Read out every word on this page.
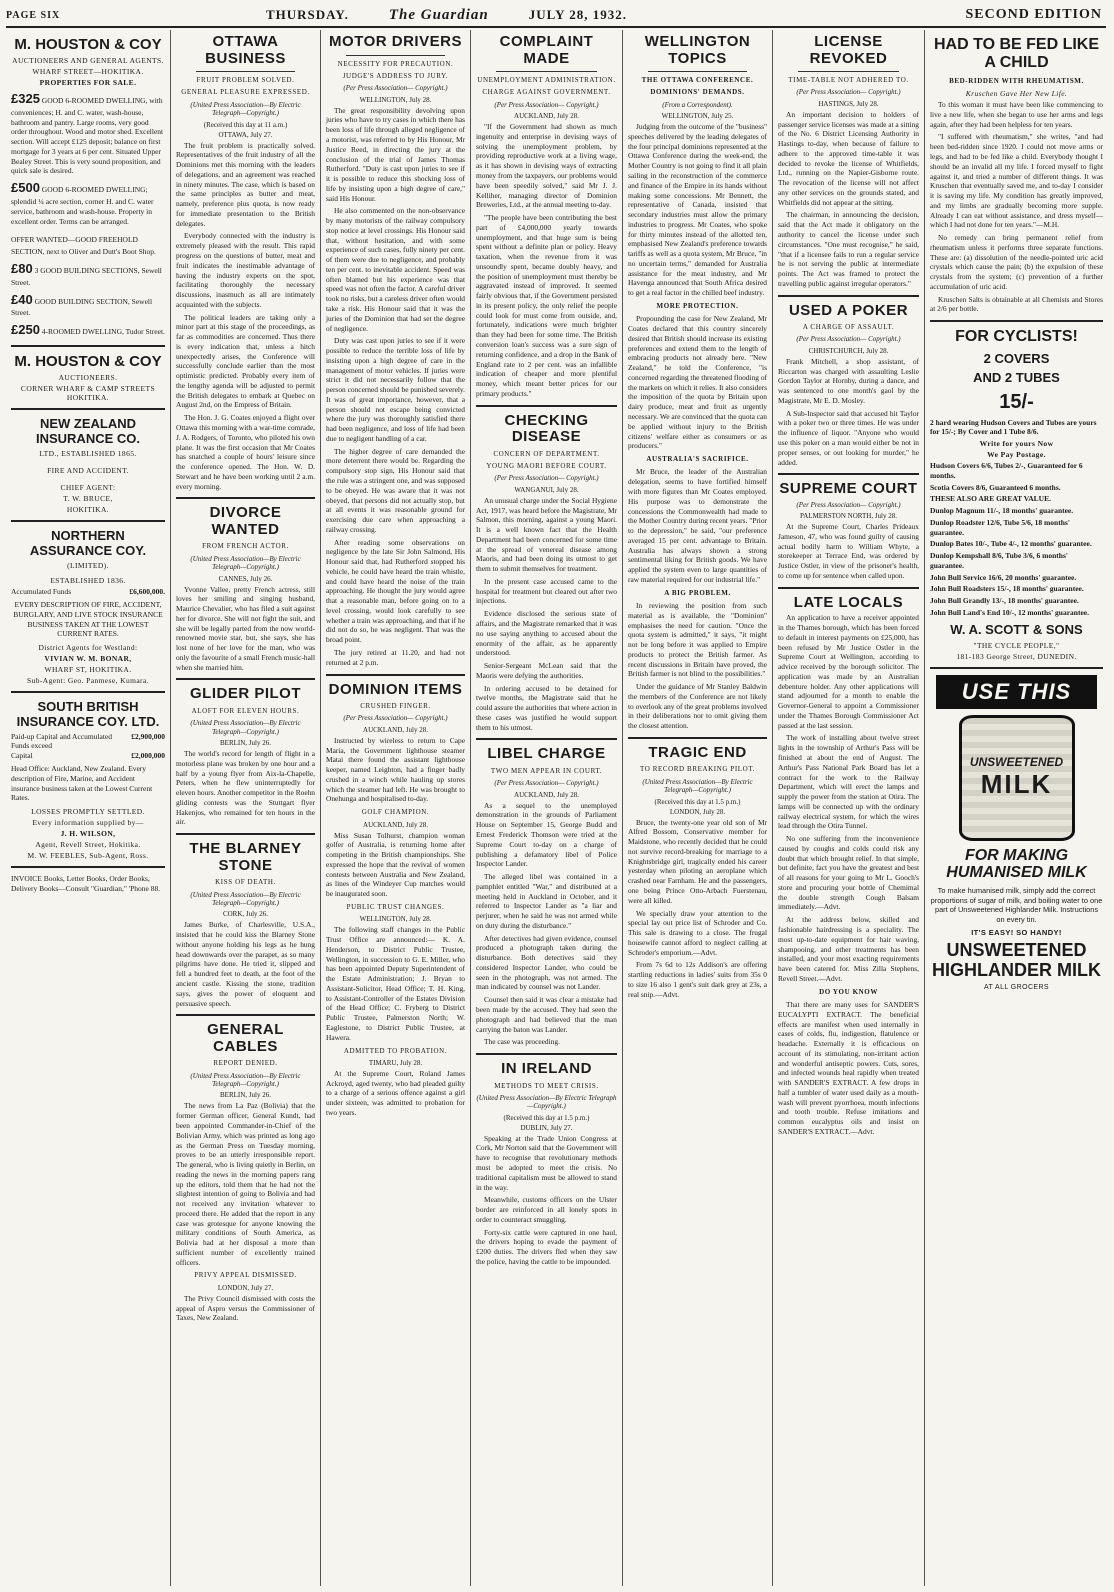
PAGE SIX	THURSDAY.	The Guardian	JULY 28, 1932.	SECOND EDITION
M. HOUSTON & COY
AUCTIONEERS AND GENERAL AGENTS.
WHARF STREET—HOKITIKA.
PROPERTIES FOR SALE.
£325 GOOD 6-ROOMED DWELLING, with conveniences; H. and C. water, wash-house, bathroom and pantry. Large rooms, very good order throughout. Wood and motor shed. Excellent section. Will accept £125 deposit; balance on first mortgage for 3 years at 6 per cent. Situated Upper Bealey Street. This is very sound proposition, and quick sale is desired.
£500 GOOD 6-ROOMED DWELLING; splendid ¼ acre section, corner H. and C. water service, bathroom and wash-house. Property in excellent order. Terms can be arranged.
OFFER WANTED—GOOD FREEHOLD SECTION, next to Oliver and Dutt's Boot Shop.
£80 3 GOOD BUILDING SECTIONS, Sewell Street.
£40 GOOD BUILDING SECTION, Sewell Street.
£250 4-ROOMED DWELLING, Tudor Street.
M. HOUSTON & COY
AUCTIONEERS.
CORNER WHARF & CAMP STREETS HOKITIKA.
NEW ZEALAND INSURANCE CO.
LTD., ESTABLISHED 1865.
FIRE AND ACCIDENT.
CHIEF AGENT:
T. W. BRUCE,
HOKITIKA.
NORTHERN ASSURANCE COY.
(LIMITED).
ESTABLISHED 1836.
Accumulated Funds	£6,600,000.
EVERY DESCRIPTION OF FIRE, ACCIDENT, BURGLARY, AND LIVE STOCK INSURANCE BUSINESS TAKEN AT THE LOWEST CURRENT RATES.
District Agents for Westland:
VIVIAN W. M. BONAR,
WHARF ST, HOKITIKA.
Sub-Agent: Geo. Panmese, Kumara.
SOUTH BRITISH INSURANCE COY. LTD.
Paid-up Capital and Accumulated Funds exceed
£2,900,000
Capital	£2,000,000
Head Office: Auckland, New Zealand. Every description of Fire, Marine, and Accident insurance business taken at the Lowest Current Rates.
LOSSES PROMPTLY SETTLED.
Every information supplied by—
J. H. WILSON,
Agent, Revell Street, Hokitika.
M. W. FEEBLES, Sub-Agent, Ross.
INVOICE Books, Letter Books, Order Books, Delivery Books—Consult "Guardian," 'Phone 88.
OTTAWA BUSINESS
FRUIT PROBLEM SOLVED.
GENERAL PLEASURE EXPRESSED.
(United Press Association—By Electric Telegraph—Copyright.)
(Received this day at 11 a.m.)
OTTAWA, July 27.

The fruit problem is practically solved. Representatives of the fruit industry of all the Dominions met this morning with the leaders of delegations, and an agreement was reached in ninety minutes. The case, which is based on the same principles as butter and meat, namely, preference plus quota, is now ready for immediate presentation to the British delegates.

Everybody connected with the industry is extremely pleased with the result. This rapid progress on the questions of butter, meat and fruit indicates the inestimable advantage of having the industry experts on the spot, facilitating thoroughly the necessary discussions, inasmuch as all are intimately acquainted with the subjects.

The political leaders are taking only a minor part at this stage of the proceedings, as far as commodities are concerned. Thus there is every indication that, unless a hitch unexpectedly arises, the Conference will successfully conclude earlier than the most optimistic predicted. Probably every item of the lengthy agenda will be adjusted to permit the British delegates to embark at Quebec on August 2nd, on the Empress of Britain.

The Hon. J. G. Coates enjoyed a flight over Ottawa this morning with a war-time comrade, J. A. Rodgers, of Toronto, who piloted his own plane. It was the first occasion that Mr Coates has snatched a couple of hours' leisure since the conference opened. The Hon. W. D. Stewart and he have been working until 2 a.m. every morning.

DIVORCE WANTED
FROM FRENCH ACTOR.
(United Press Association—By Electric Telegraph—Copyright.)
CANNES, July 26.

Yvonne Vallee, pretty French actress, still loves her smiling and singing husband, Maurice Chevalier, who has filed a suit against her for divorce. She will not fight the suit, and she will be legally parted from the now world-renowned movie star, but, she says, she has lost none of her love for the man, who was only the favourite of a small French music-hall when she married him.

GLIDER PILOT
ALOFT FOR ELEVEN HOURS.
(United Press Association—By Electric Telegraph—Copyright.)
BERLIN, July 26.

The world's record for length of flight in a motorless plane was broken by one hour and a half by a young flyer from Aix-la-Chapelle, Peters, when he flew uninterruptedly for eleven hours. Another competitor in the Roehn gliding contests was the Stuttgart flyer Hakenjos, who remained for ten hours in the air.

THE BLARNEY STONE
KISS OF DEATH.
(United Press Association—By Electric Telegraph—Copyright.)
CORK, July 26.

James Burke, of Charlesville, U.S.A., insisted that he could kiss the Blarney Stone without anyone holding his legs as he hung head downwards over the parapet, as so many pilgrims have done. He tried it, slipped and fell a hundred feet to death, at the foot of the ancient castle. Kissing the stone, tradition says, gives the power of eloquent and persuasive speech.

GENERAL CABLES
REPORT DENIED.
(United Press Association—By Electric Telegraph—Copyright.)
BERLIN, July 26.

The news from La Paz (Bolivia) that the former German officer, General Kundt, had been appointed Commander-in-Chief of the Bolivian Army, which was printed as long ago as the German Press on Tuesday morning, proves to be an utterly irresponsible report. The general, who is living quietly in Berlin, on reading the news in the morning papers rang up the editors, told them that he had not the slightest intention of going to Bolivia and had not received any invitation whatever to proceed there. He added that the report in any case was grotesque for anyone knowing the military conditions of South America, as Bolivia had at her disposal a more than sufficient number of excellently trained officers.

PRIVY APPEAL DISMISSED.
LONDON, July 27.

The Privy Council dismissed with costs the appeal of Aspro versus the Commissioner of Taxes, New Zealand.

MOTOR DRIVERS
NECESSITY FOR PRECAUTION.
JUDGE'S ADDRESS TO JURY.
(Per Press Association— Copyright.)
WELLINGTON, July 28.

The great responsibility devolving upon juries who have to try cases in which there has been loss of life through alleged negligence of a motorist, was referred to by His Honour, Mr Justice Reed, in directing the jury at the conclusion of the trial of James Thomas Rutherford. "Duty is cast upon juries to see if it is possible to reduce this shocking loss of life by insisting upon a high degree of care," said His Honour.

He also commented on the non-observance by many motorists of the railway compulsory stop notice at level crossings. His Honour said that, without hesitation, and with some experience of such cases, fully ninety per cent. of them were due to negligence, and probably ten per cent. to inevitable accident. Speed was often blamed but his experience was that speed was not often the factor. A careful driver took no risks, but a careless driver often would take a risk. His Honour said that it was the juries of the Dominion that had set the degree of negligence.

Duty was cast upon juries to see if it were possible to reduce the terrible loss of life by insisting upon a high degree of care in the management of motor vehicles. If juries were strict it did not necessarily follow that the person concerned should be punished severely. It was of great importance, however, that a person should not escape being convicted where the jury was thoroughly satisfied there had been negligence, and loss of life had been due to negligent handling of a car.

The higher degree of care demanded the more deterrent there would be. Regarding the compulsory stop sign, His Honour said that the rule was a stringent one, and was supposed to be obeyed. He was aware that it was not obeyed, that persons did not actually stop, but at all events it was reasonable ground for exercising due care when approaching a railway crossing.

After reading some observations on negligence by the late Sir John Salmond, His Honour said that, had Rutherford stopped his vehicle, he could have heard the train whistle, and could have heard the noise of the train approaching. He thought the jury would agree that a reasonable man, before going on to a level crossing, would look carefully to see whether a train was approaching, and that if he did not do so, he was negligent. That was the broad point.

The jury retired at 11.20, and had not returned at 2 p.m.

DOMINION ITEMS
CRUSHED FINGER.
(Per Press Association— Copyright.)
AUCKLAND, July 28.

Instructed by wireless to return to Cape Maria, the Government lighthouse steamer Matai there found the assistant lighthouse keeper, named Leighton, had a finger badly crushed in a winch while hauling up stores which the steamer had left. He was brought to Onehunga and hospitalised to-day.

GOLF CHAMPION.
AUCKLAND, July 28.

Miss Susan Tolhurst, champion woman golfer of Australia, is returning home after competing in the British championships. She expressed the hope that the revival of women contests between Australia and New Zealand, as lines of the Windeyer Cup matches would be inaugurated soon.

PUBLIC TRUST CHANGES.
WELLINGTON, July 28.

The following staff changes in the Public Trust Office are announced:— K. A. Henderson, to District Public Trustee, Wellington, in succession to G. E. Miller, who has been appointed Deputy Superintendent of the Estate Administration; J. Bryan to Assistant-Solicitor, Head Office; T. H. King, to Assistant-Controller of the Estates Division of the Head Office; C. Fryberg to District Public Trustee, Palmerston North; W. Eaglestone, to District Public Trustee, at Hawera.

ADMITTED TO PROBATION.
TIMARU, July 28.

At the Supreme Court, Roland James Ackroyd, aged twenty, who had pleaded guilty to a charge of a serious offence against a girl under sixteen, was admitted to probation for two years.

COMPLAINT MADE
UNEMPLOYMENT ADMINISTRATION.
CHARGE AGAINST GOVERNMENT.
(Per Press Association— Copyright.)
AUCKLAND, July 28.

"If the Government had shown as much ingenuity and enterprise in devising ways of solving the unemployment problem, by providing reproductive work at a living wage, as it has shown in devising ways of extracting money from the taxpayers, our problems would have been speedily solved," said Mr J. J. Kelliher, managing director of Dominion Breweries, Ltd., at the annual meeting to-day.

"The people have been contributing the best part of £4,000,000 yearly towards unemployment, and that huge sum is being spent without a definite plan or policy. Heavy taxation, when the revenue from it was unsoundly spent, became doubly heavy, and the position of unemployment must thereby be aggravated instead of improved. It seemed fairly obvious that, if the Government persisted in its present policy, the only relief the people could look for must come from outside, and, fortunately, indications were much brighter than they had been for some time. The British conversion loan's success was a sure sign of returning confidence, and a drop in the Bank of England rate to 2 per cent. was an infallible indication of cheaper and more plentiful money, which meant better prices for our primary products."

CHECKING DISEASE
CONCERN OF DEPARTMENT.
YOUNG MAORI BEFORE COURT.
(Per Press Association— Copyright.)
WANGANUI, July 28.

An unusual charge under the Social Hygiene Act, 1917, was heard before the Magistrate, Mr Salmon, this morning, against a young Maori. It is a well known fact that the Health Department had been concerned for some time at the spread of venereal disease among Maoris, and had been doing its utmost to get them to submit themselves for treatment.

In the present case accused came to the hospital for treatment but cleared out after two injections.

Evidence disclosed the serious state of affairs, and the Magistrate remarked that it was no use saying anything to accused about the enormity of the affair, as he apparently understood.

Senior-Sergeant McLean said that the Maoris were defying the authorities.

In ordering accused to be detained for twelve months, the Magistrate said that he could assure the authorities that where action in these cases was justified he would support them to his utmost.

LIBEL CHARGE
TWO MEN APPEAR IN COURT.
(Per Press Association— Copyright.)
AUCKLAND, July 28.

As a sequel to the unemployed demonstration in the grounds of Parliament House on September 15, George Budd and Ernest Frederick Thomson were tried at the Supreme Court to-day on a charge of publishing a defamatory libel of Police Inspector Lander.

The alleged libel was contained in a pamphlet entitled "War," and distributed at a meeting held in Auckland in October, and it referred to Inspector Lander as "a liar and perjurer, when he said he was not armed while on duty during the disturbance."

After detectives had given evidence, counsel produced a photograph taken during the disturbance. Both detectives said they considered Inspector Lander, who could be seen in the photograph, was not armed. The man indicated by counsel was not Lander.

Counsel then said it was clear a mistake had been made by the accused. They had seen the photograph and had believed that the man carrying the baton was Lander.

The case was proceeding.

IN IRELAND
METHODS TO MEET CRISIS.
(United Press Association—By Electric Telegraph—Copyright.)
(Received this day at 1.5 p.m.)
DUBLIN, July 27.

Speaking at the Trade Union Congress at Cork, Mr Norton said that the Government will have to recognise that revolutionary methods must be adopted to meet the crisis. No traditional capitalism must be allowed to stand in the way.

Meanwhile, customs officers on the Ulster border are reinforced in all lonely spots in order to counteract smuggling.

Forty-six cattle were captured in one haul, the drivers hoping to evade the payment of £200 duties. The drivers fled when they saw the police, having the cattle to be impounded.

WELLINGTON TOPICS
THE OTTAWA CONFERENCE.
DOMINIONS' DEMANDS.
(From a Correspondent).
WELLINGTON, July 25.

Judging from the outcome of the "business" speeches delivered by the leading delegates of the four principal dominions represented at the Ottawa Conference during the week-end, the Mother Country is not going to find it all plain sailing in the reconstruction of the commerce and finance of the Empire in its hands without making some concessions. Mr Bennett, the representative of Canada, insisted that secondary industries must allow the primary industries to progress. Mr Coates, who spoke for thirty minutes instead of the allotted ten, emphasised New Zealand's preference towards tariffs as well as a quota system, Mr Bruce, "in no uncertain terms," demanded for Australia assistance for the meat industry, and Mr Havenga announced that South Africa desired to get a real factor in the chilled beef industry.

MORE PROTECTION.

Propounding the case for New Zealand, Mr Coates declared that this country sincerely desired that British should increase its existing preferences and extend them to the length of embracing products not already here. "New Zealand," he told the Conference, "is concerned regarding the threatened flooding of the markets on which it relies. It also considers the imposition of the quota by Britain upon dairy produce, meat and fruit as urgently necessary. We are convinced that the quota can be applied without injury to the British citizens' welfare either as consumers or as producers."

AUSTRALIA'S SACRIFICE.

Mr Bruce, the leader of the Australian delegation, seems to have fortified himself with more figures than Mr Coates employed. His purpose was to demonstrate the concessions the Commonwealth had made to the Mother Country during recent years. "Prior to the depression," he said, "our preference averaged 15 per cent. advantage to Britain. Australia has always shown a strong sentimental liking for British goods. We have applied the system even to large quantities of raw material required for our industrial life."

A BIG PROBLEM.

In reviewing the position from such material as is available, the "Dominion" emphasises the need for caution. "Once the quota system is admitted," it says, "it might not be long before it was applied to Empire products to protect the British farmer. As recent discussions in Britain have proved, the British farmer is not blind to the possibilities."

Under the guidance of Mr Stanley Baldwin the members of the Conference are not likely to overlook any of the great problems involved in their deliberations nor to omit giving them the closest attention.

TRAGIC END
TO RECORD BREAKING PILOT.
(United Press Association—By Electric Telegraph—Copyright.)
(Received this day at 1.5 p.m.)
LONDON, July 28.

Bruce, the twenty-one year old son of Mr Alfred Bossom, Conservative member for Maidstone, who recently decided that he could not survive record-breaking for marriage to a Knightsbridge girl, tragically ended his career yesterday when piloting an aeroplane which crashed near Farnham. He and the passengers, one being Prince Otto-Arbach Fuerstenau, were all killed.

We specially draw your attention to the special lay out price list of Schroder and Co. This sale is drawing to a close. The frugal housewife cannot afford to neglect calling at Schroder's emporium.—Advt.

From 7s 6d to 12s Addison's are offering startling reductions in ladies' suits from 35s 0 to size 16 also 1 gent's suit dark grey at 23s, a real snip.—Advt.

LICENSE REVOKED
TIME-TABLE NOT ADHERED TO.
(Per Press Association— Copyright.)
HASTINGS, July 28.

An important decision to holders of passenger service licenses was made at a sitting of the No. 6 District Licensing Authority in Hastings to-day, when because of failure to adhere to the approved time-table it was decided to revoke the license of Whitfields, Ltd., running on the Napier-Gisborne route. The revocation of the license will not affect any other services on the grounds stated, and Whitfields did not appear at the sitting.

The chairman, in announcing the decision, said that the Act made it obligatory on the authority to cancel the license under such circumstances. "One must recognise," he said, "that if a licensee fails to run a regular service he is not serving the public at intermediate points. The Act was framed to protect the travelling public against irregular operators."

USED A POKER
A CHARGE OF ASSAULT.
(Per Press Association— Copyright.)
CHRISTCHURCH, July 28.

Frank Mitchell, a shop assistant, of Riccarton was charged with assaulting Leslie Gordon Taylor at Hornby, during a dance, and was sentenced to one month's gaol by the Magistrate, Mr E. D. Mosley.

A Sub-Inspector said that accused hit Taylor with a poker two or three times. He was under the influence of liquor. "Anyone who would use this poker on a man would either be not in proper senses, or out looking for murder," he added.

SUPREME COURT
(Per Press Association— Copyright.)
PALMERSTON NORTH, July 28.

At the Supreme Court, Charles Prideaux Jameson, 47, who was found guilty of causing actual bodily harm to William Whyte, a storekeeper at Terrace End, was ordered by Justice Ostler, in view of the prisoner's health, to come up for sentence when called upon.

LATE LOCALS

An application to have a receiver appointed in the Thames borough, which has been forced to default in interest payments on £25,000, has been refused by Mr Justice Ostler in the Supreme Court at Wellington, according to advice received by the borough solicitor. The application was made by an Australian debenture holder. Any other applications will stand adjourned for a month to enable the Governor-General to appoint a Commissioner under the Thames Borough Commissioner Act passed at the last session.

The work of installing about twelve street lights in the township of Arthur's Pass will be finished at about the end of August. The Arthur's Pass National Park Board has let a contract for the work to the Railway Department, which will erect the lamps and supply the power from the station at Otira. The lamps will be connected up with the ordinary railway electrical system, for which the wires lead through the Otira Tunnel.

No one suffering from the inconvenience caused by coughs and colds could risk any doubt that which brought relief. In that simple, but definite, fact you have the greatest and best of all reasons for your going to Mr L. Gooch's store and procuring your bottle of Chemimal the double strength Cough Balsam immediately.—Advt.

At the address below, skilled and fashionable hairdressing is a speciality. The most up-to-date equipment for hair waving, shampooing, and other treatments has been installed, and your most exacting requirements have been catered for. Miss Zilla Stephens, Revell Street.—Advt.

DO YOU KNOW

That there are many uses for SANDER'S EUCALYPTI EXTRACT. The beneficial effects are manifest when used internally in cases of colds, flu, indigestion, flatulence or headache. Externally it is efficacious on account of its stimulating, non-irritant action and wonderful antiseptic powers. Cuts, sores, and infected wounds heal rapidly when treated with SANDER'S EXTRACT. A few drops in half a tumbler of water used daily as a mouth-wash will prevent pyorrhoea, mouth infections and tooth trouble. Refuse imitations and common eucalyptus oils and insist on SANDER'S EXTRACT.—Advt.

HAD TO BE FED LIKE A CHILD
BED-RIDDEN WITH RHEUMATISM.
Kruschen Gave Her New Life.

To this woman it must have been like commencing to live a new life, when she began to use her arms and legs again, after they had been helpless for ten years.

"I suffered with rheumatism," she writes, "and had been bed-ridden since 1920. I could not move arms or legs, and had to be fed like a child. Everybody thought I should be an invalid all my life. I forced myself to fight against it, and tried a number of different things. It was Kruschen that eventually saved me, and to-day I consider it is saving my life. My condition has greatly improved, and my limbs are gradually becoming more supple. Already I can eat without assistance, and dress myself—which I had not done for ten years."—M.H.

No remedy can bring permanent relief from rheumatism unless it performs three separate functions. These are: (a) dissolution of the needle-pointed uric acid crystals which cause the pain; (b) the expulsion of these crystals from the system; (c) prevention of a further accumulation of uric acid.

Kruschen Salts is obtainable at all Chemists and Stores at 2/6 per bottle.

FOR CYCLISTS!
2 COVERS
AND 2 TUBES
15/-
2 hard wearing Hudson Covers and Tubes are yours for 15/-; By Cover and 1 Tube 8/6.
Write for yours Now
We Pay Postage.
Hudson Covers 6/6, Tubes 2/-, Guaranteed for 6 months.
Scotia Covers 8/6, Guaranteed 6 months.
THESE ALSO ARE GREAT VALUE.
Dunlop Magnum 11/-, 18 months' guarantee.
Dunlop Roadster 12/6, Tube 5/6, 18 months' guarantee.
Dunlop Bates 10/-, Tube 4/-, 12 months' guarantee.
Dunlop Kempshall 8/6, Tube 3/6, 6 months' guarantee.
John Bull Service 16/6, 20 months' guarantee.
John Bull Roadsters 15/-, 18 months' guarantee.
John Bull Grandly 13/-, 18 months' guarantee.
John Bull Land's End 10/-, 12 months' guarantee.
W. A. SCOTT & SONS
"THE CYCLE PEOPLE,"
181-183 George Street, DUNEDIN.
USE THIS
UNSWEETENED
MILK
FOR MAKING HUMANISED MILK

To make humanised milk, simply add the correct proportions of sugar of milk, and boiling water to one part of Unsweetened Highlander Milk. Instructions on every tin.

IT'S EASY! SO HANDY!
UNSWEETENED HIGHLANDER MILK
AT ALL GROCERS
